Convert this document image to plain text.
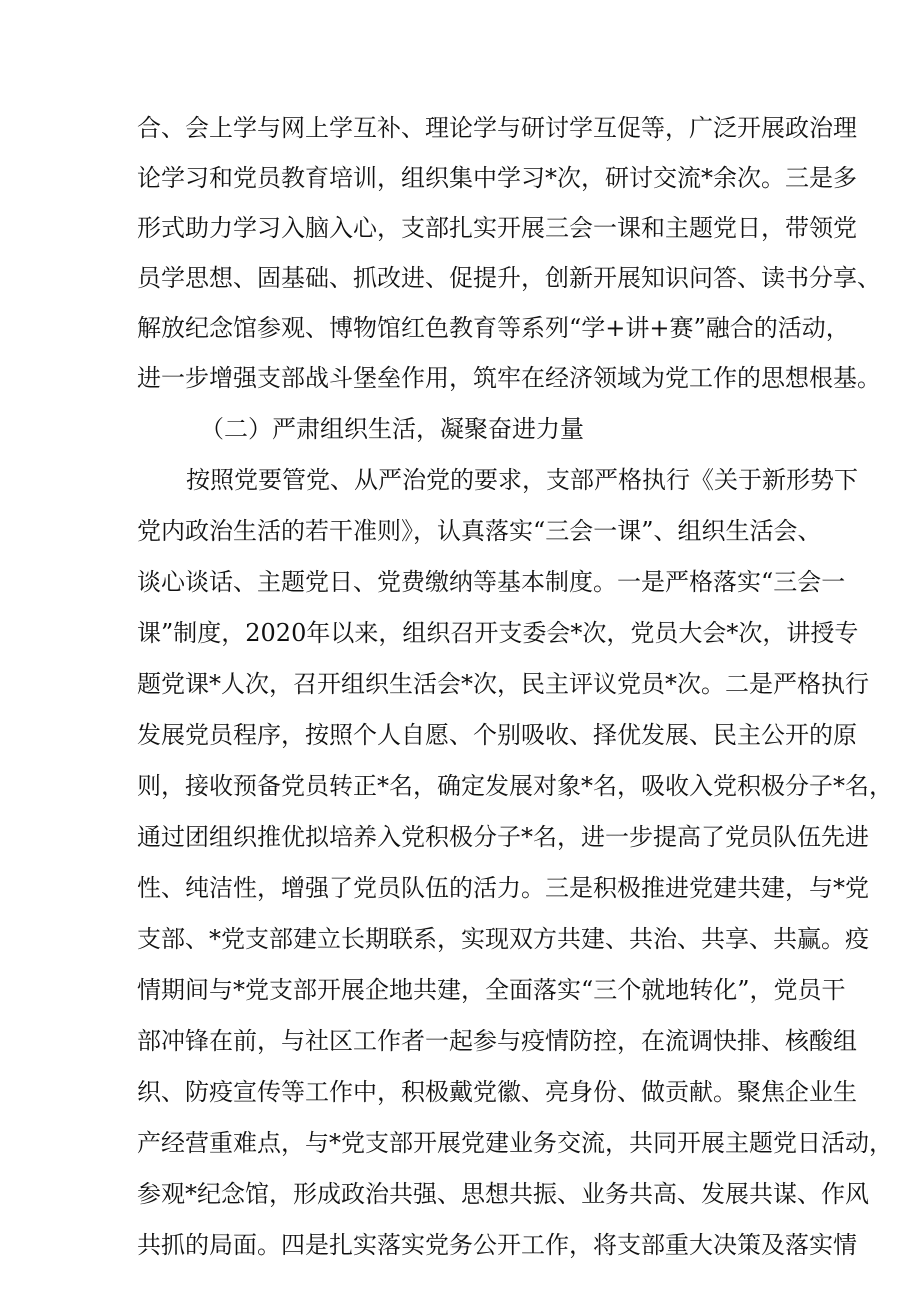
合、会上学与网上学互补、理论学与研讨学互促等，广泛开展政治理
论学习和党员教育培训，组织集中学习*次，研讨交流*余次。三是多
形式助力学习入脑入心，支部扎实开展三会一课和主题党日，带领党
员学思想、固基础、抓改进、促提升，创新开展知识问答、读书分享、
解放纪念馆参观、博物馆红色教育等系列“学+讲+赛”融合的活动，
进一步增强支部战斗堡垒作用，筑牢在经济领域为党工作的思想根基。
（二）严肃组织生活，凝聚奋进力量
按照党要管党、从严治党的要求，支部严格执行《关于新形势下
党内政治生活的若干准则》，认真落实“三会一课”、组织生活会、
谈心谈话、主题党日、党费缴纳等基本制度。一是严格落实“三会一
课”制度，2020年以来，组织召开支委会*次，党员大会*次，讲授专
题党课*人次，召开组织生活会*次，民主评议党员*次。二是严格执行
发展党员程序，按照个人自愿、个别吸收、择优发展、民主公开的原
则，接收预备党员转正*名，确定发展对象*名，吸收入党积极分子*名，
通过团组织推优拟培养入党积极分子*名，进一步提高了党员队伍先进
性、纯洁性，增强了党员队伍的活力。三是积极推进党建共建，与*党
支部、*党支部建立长期联系，实现双方共建、共治、共享、共赢。疫
情期间与*党支部开展企地共建，全面落实“三个就地转化”，党员干
部冲锋在前，与社区工作者一起参与疫情防控，在流调快排、核酸组
织、防疫宣传等工作中，积极戴党徽、亮身份、做贡献。聚焦企业生
产经营重难点，与*党支部开展党建业务交流，共同开展主题党日活动，
参观*纪念馆，形成政治共强、思想共振、业务共高、发展共谋、作风
共抓的局面。四是扎实落实党务公开工作，将支部重大决策及落实情
